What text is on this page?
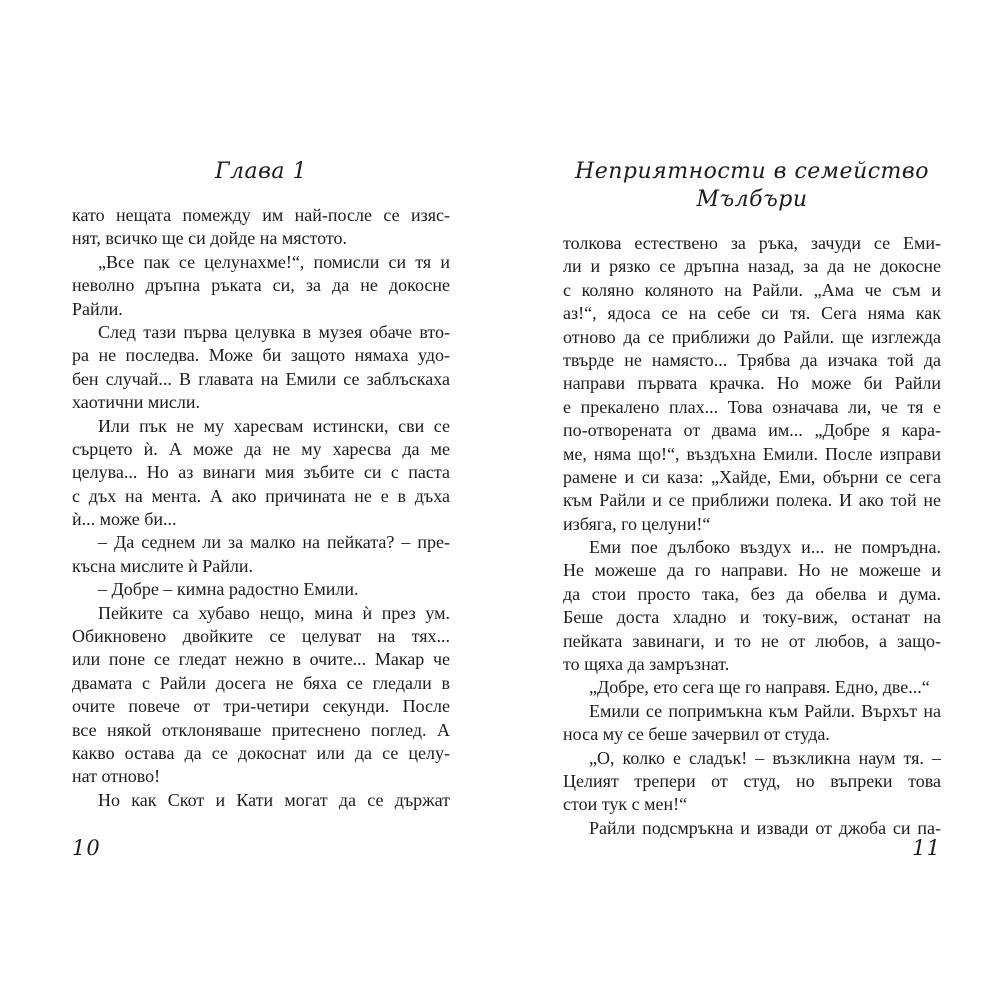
Глава 1
като нещата помежду им най-после се изяс-
нят, всичко ще си дойде на мястото.
„Все пак се целунахме!“, помисли си тя и
неволно дръпна ръката си, за да не докосне
Райли.
След тази първа целувка в музея обаче вто-
ра не последва. Може би защото нямаха удо-
бен случай... В главата на Емили се заблъскаха
хаотични мисли.
Или пък не му харесвам истински, сви се
сърцето ѝ. А може да не му харесва да ме
целува... Но аз винаги мия зъбите си с паста
с дъх на мента. А ако причината не е в дъха
ѝ... може би...
– Да седнем ли за малко на пейката? – пре-
късна мислите ѝ Райли.
– Добре – кимна радостно Емили.
Пейките са хубаво нещо, мина ѝ през ум.
Обикновено двойките се целуват на тях...
или поне се гледат нежно в очите... Макар че
двамата с Райли досега не бяха се гледали в
очите повече от три-четири секунди. После
все някой отклоняваше притеснено поглед. А
какво остава да се докоснат или да се целу-
нат отново!
Но как Скот и Кати могат да се държат
10
Неприятности в семейство Мълбъри
толкова естествено за ръка, зачуди се Еми-
ли и рязко се дръпна назад, за да не докосне
с коляно коляното на Райли. „Ама че съм и
аз!“, ядоса се на себе си тя. Сега няма как
отново да се приближи до Райли. ще изглежда
твърде не намясто... Трябва да изчака той да
направи първата крачка. Но може би Райли
е прекалено плах... Това означава ли, че тя е
по-отворената от двама им... „Добре я кара-
ме, няма що!“, въздъхна Емили. После изправи
рамене и си каза: „Хайде, Еми, обърни се сега
към Райли и се приближи полека. И ако той не
избяга, го целуни!“
Еми пое дълбоко въздух и... не помръдна.
Не можеше да го направи. Но не можеше и
да стои просто така, без да обелва и дума.
Беше доста хладно и току-виж, останат на
пейката завинаги, и то не от любов, а защо-
то щяха да замръзнат.
„Добре, ето сега ще го направя. Едно, две...“
Емили се попримъкна към Райли. Върхът на
носа му се беше зачервил от студа.
„О, колко е сладък! – възкликна наум тя. –
Целият трепери от студ, но въпреки това
стои тук с мен!“
Райли подсмръкна и извади от джоба си па-
11
